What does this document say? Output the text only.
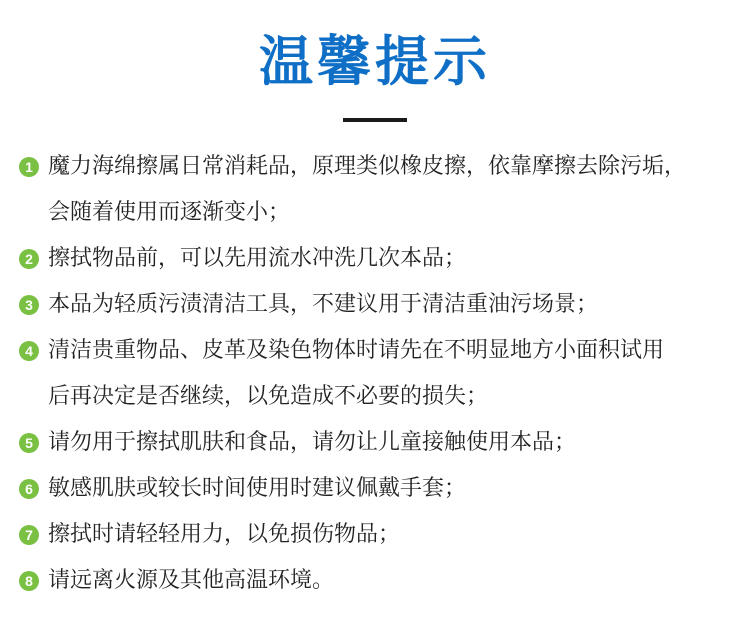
温馨提示
1 魔力海绵擦属日常消耗品，原理类似橡皮擦，依靠摩擦去除污垢，
会随着使用而逐渐变小；
2 擦拭物品前，可以先用流水冲洗几次本品；
3 本品为轻质污渍清洁工具，不建议用于清洁重油污场景；
4 清洁贵重物品、皮革及染色物体时请先在不明显地方小面积试用
后再决定是否继续，以免造成不必要的损失；
5 请勿用于擦拭肌肤和食品，请勿让儿童接触使用本品；
6 敏感肌肤或较长时间使用时建议佩戴手套；
7 擦拭时请轻轻用力，以免损伤物品；
8 请远离火源及其他高温环境。
